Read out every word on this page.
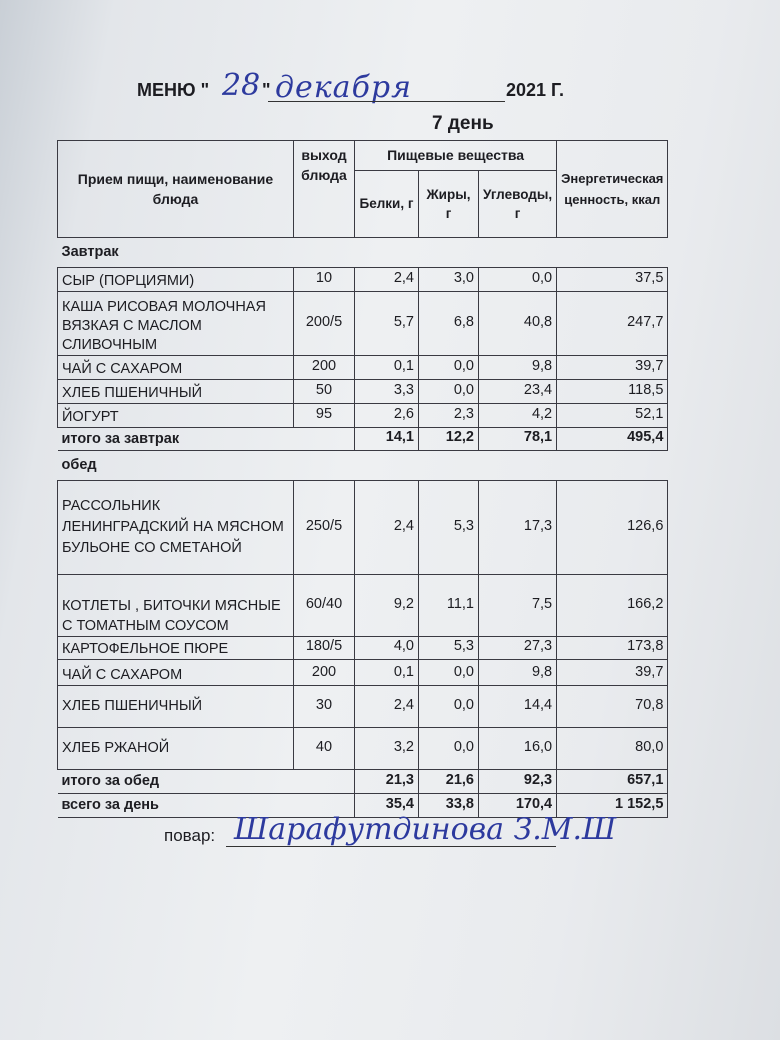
МЕНЮ " 28 " декабря	2021 Г.
7 день
Прием пищи, наименование блюда	выход блюда	Пищевые вещества			Энергетическая ценность, ккал
		Белки, г	Жиры, г	Углеводы, г	
Завтрак					
СЫР (ПОРЦИЯМИ)	10	2,4	3,0	0,0	37,5
КАША РИСОВАЯ МОЛОЧНАЯ ВЯЗКАЯ С МАСЛОМ СЛИВОЧНЫМ	200/5	5,7	6,8	40,8	247,7
ЧАЙ С САХАРОМ	200	0,1	0,0	9,8	39,7
ХЛЕБ ПШЕНИЧНЫЙ	50	3,3	0,0	23,4	118,5
ЙОГУРТ	95	2,6	2,3	4,2	52,1
итого за завтрак		14,1	12,2	78,1	495,4
обед					
РАССОЛЬНИК ЛЕНИНГРАДСКИЙ НА МЯСНОМ БУЛЬОНЕ СО СМЕТАНОЙ	250/5	2,4	5,3	17,3	126,6
КОТЛЕТЫ , БИТОЧКИ МЯСНЫЕ С ТОМАТНЫМ СОУСОМ	60/40	9,2	11,1	7,5	166,2
КАРТОФЕЛЬНОЕ ПЮРЕ	180/5	4,0	5,3	27,3	173,8
ЧАЙ С САХАРОМ	200	0,1	0,0	9,8	39,7
ХЛЕБ ПШЕНИЧНЫЙ	30	2,4	0,0	14,4	70,8
ХЛЕБ РЖАНОЙ	40	3,2	0,0	16,0	80,0
итого за обед		21,3	21,6	92,3	657,1
всего за день		35,4	33,8	170,4	1 152,5
повар: Шарафутдинова З.М.Ш
